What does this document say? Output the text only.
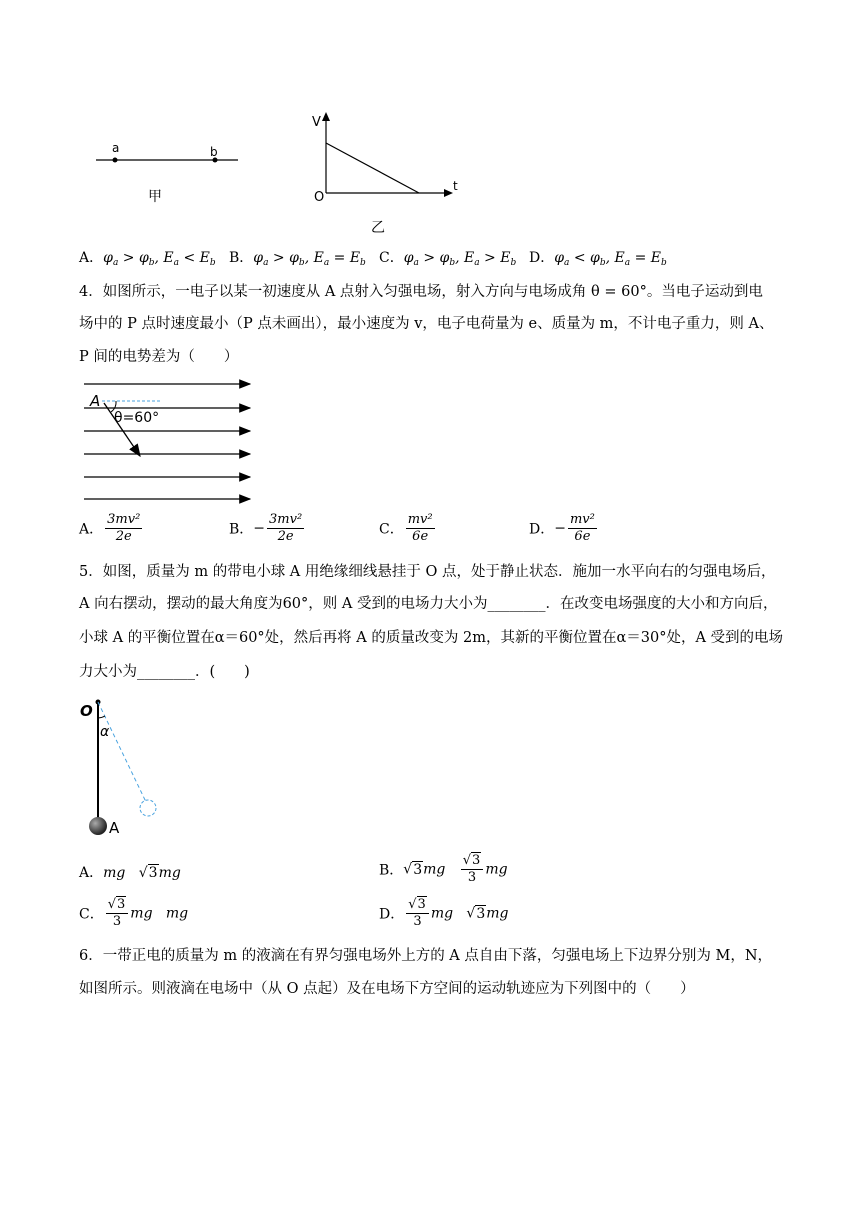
a	b
甲
V
O
t
乙
A．$\varphi_a > \varphi_b$, $E_a < E_b$ B．$\varphi_a > \varphi_b$, $E_a = E_b$ C．$\varphi_a > \varphi_b$, $E_a > E_b$ D．$\varphi_a < \varphi_b$, $E_a = E_b$
4．如图所示，一电子以某一初速度从 A 点射入匀强电场，射入方向与电场成角 θ = 60°。当电子运动到电
场中的 P 点时速度最小（P 点未画出），最小速度为 v，电子电荷量为 e、质量为 m，不计电子重力，则 A、
P 间的电势差为（　　）
A
θ=60°
A． $\frac{\text{3mv²}}{2e}$	B．− $\frac{\text{3mv²}}{2e}$	C． $\frac{\text{mv²}}{6e}$	D．− $\frac{\text{mv²}}{6e}$
5．如图，质量为 m 的带电小球 A 用绝缘细线悬挂于 O 点，处于静止状态．施加一水平向右的匀强电场后，
A 向右摆动，摆动的最大角度为60°，则 A 受到的电场力大小为________．在改变电场强度的大小和方向后，
小球 A 的平衡位置在α＝60°处，然后再将 A 的质量改变为 2m，其新的平衡位置在α＝30°处，A 受到的电场
力大小为________．(　　)
O
α
A
A．mg   √3mg	B．$√3mg \frac{√3}{3}$ mg
C． $\frac{√3}{3}$ mg   mg	D． $\frac{√3}{3}$ mg   √3mg
6．一带正电的质量为 m 的液滴在有界匀强电场外上方的 A 点自由下落，匀强电场上下边界分别为 M，N，
如图所示。则液滴在电场中（从 O 点起）及在电场下方空间的运动轨迹应为下列图中的（　　）
